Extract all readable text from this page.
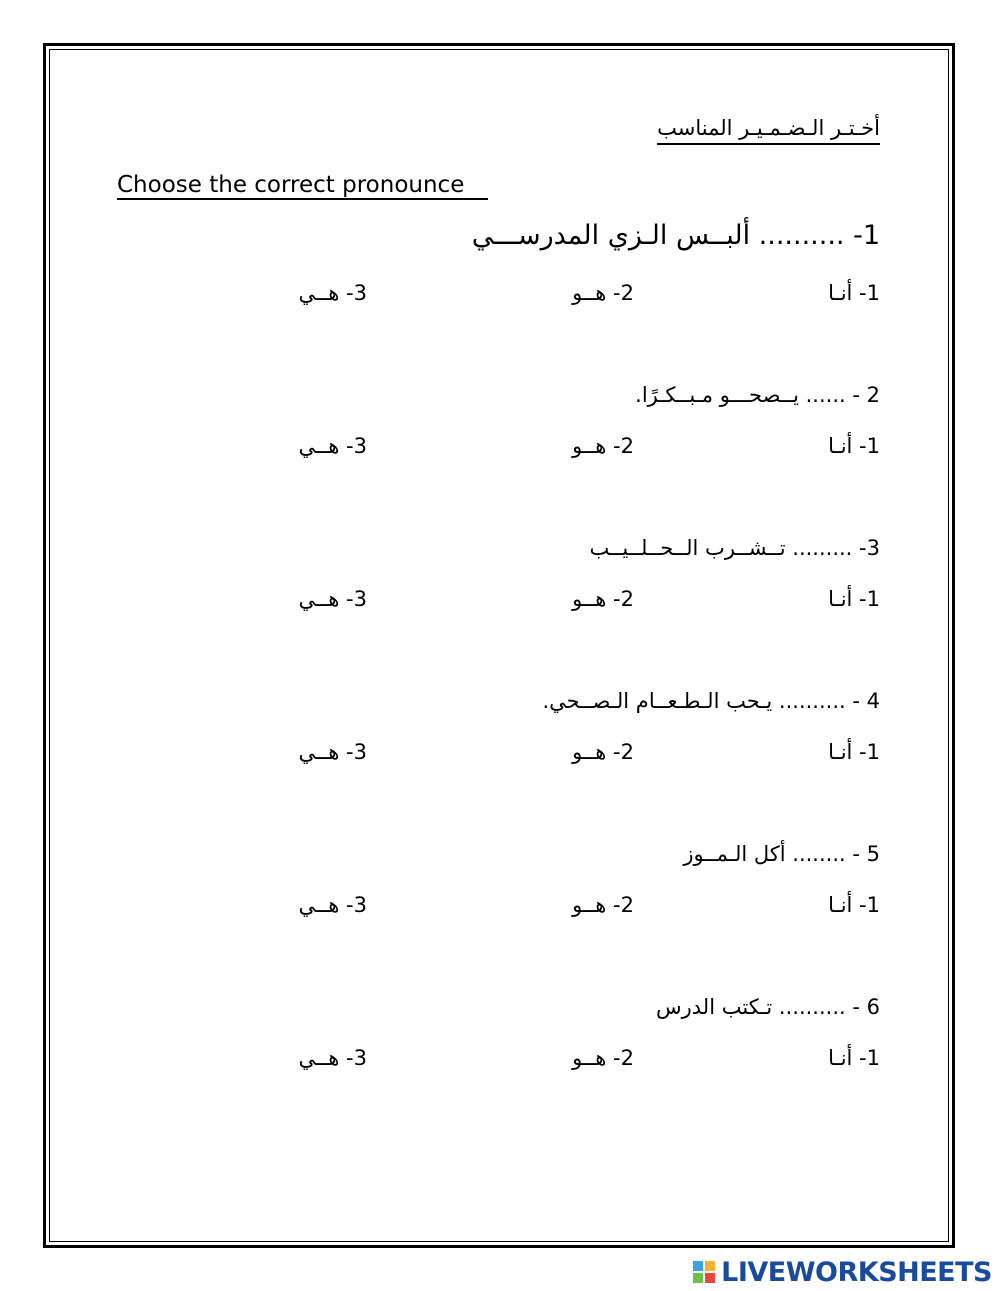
أخـتـر الـضـمـيـر المناسب
Choose the correct pronounce
1- .......... ألبــس الـزي المدرســـي
1- أنـا
2- هــو
3- هــي
2 - ...... يــصحـــو مـبــكـرًا.
1- أنـا
2- هــو
3- هــي
3- ......... تــشــرب الــحــلــيــب
1- أنـا
2- هــو
3- هــي
4 - .......... يـحب الـطـعــام الـصــحي.
1- أنـا
2- هــو
3- هــي
5 - ........ أكل الـمــوز
1- أنـا
2- هــو
3- هــي
6 - .......... تـكتب الدرس
1- أنـا
2- هــو
3- هــي
LIVEWORKSHEETS
